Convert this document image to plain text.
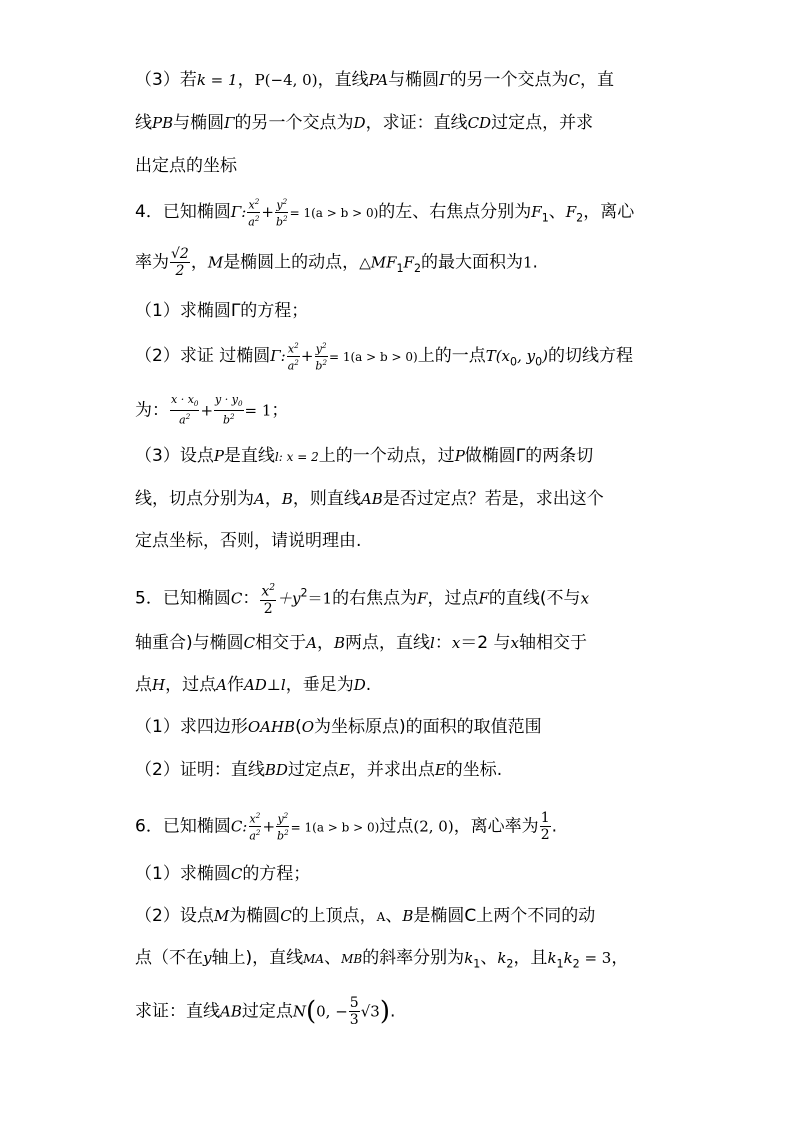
（3）若k = 1，P(−4, 0)，直线PA与椭圆Γ的另一个交点为C，直
线PB与椭圆Γ的另一个交点为D，求证：直线CD过定点，并求
出定点的坐标
4．已知椭圆Γ: $\frac{x^2}{a^2} + \frac{y^2}{b^2} = 1(a > b > 0)$的左、右焦点分别为$F_1$、$F_2$，离心
率为 $\frac{√2}{2}$ ，M是椭圆上的动点，$\triangle MF_1F_2$的最大面积为1.
（1）求椭圆Γ的方程；
（2）求证 过椭圆Γ: $\frac{x^2}{a^2} + \frac{y^2}{b^2} = 1(a > b > 0)$上的一点$T(x_0$, $y_0$)的切线方程
为： $\frac{x \cdot x_0}{a^2} + \frac{y \cdot y_0}{b^2} = 1$；
（3）设点P是直线l: x = 2上的一个动点，过P做椭圆Γ的两条切
线，切点分别为A，B，则直线AB是否过定点？若是，求出这个
定点坐标，否则，请说明理由.
5．已知椭圆C： $\frac{x^2}{2} +y^2=1$的右焦点为F，过点F的直线(不与x
轴重合)与椭圆C相交于A，B两点，直线l：x＝2 与x轴相交于
点H，过点A作AD⊥l，垂足为D.
（1）求四边形OAHB(O为坐标原点)的面积的取值范围
（2）证明：直线BD过定点E，并求出点E的坐标.
6．已知椭圆C: $\frac{x^2}{a^2} + \frac{y^2}{b^2} = 1(a > b > 0)$过点(2, 0)，离心率为 $\frac{1}{2}$ .
（1）求椭圆C的方程；
（2）设点M为椭圆C的上顶点，A、B是椭圆C上两个不同的动
点（不在y轴上)，直线MA、MB的斜率分别为$k_1$、$k_2$，且$k_1k_2 = 3$，
求证：直线AB过定点N(0, − $\frac{5}{3} √3$).
